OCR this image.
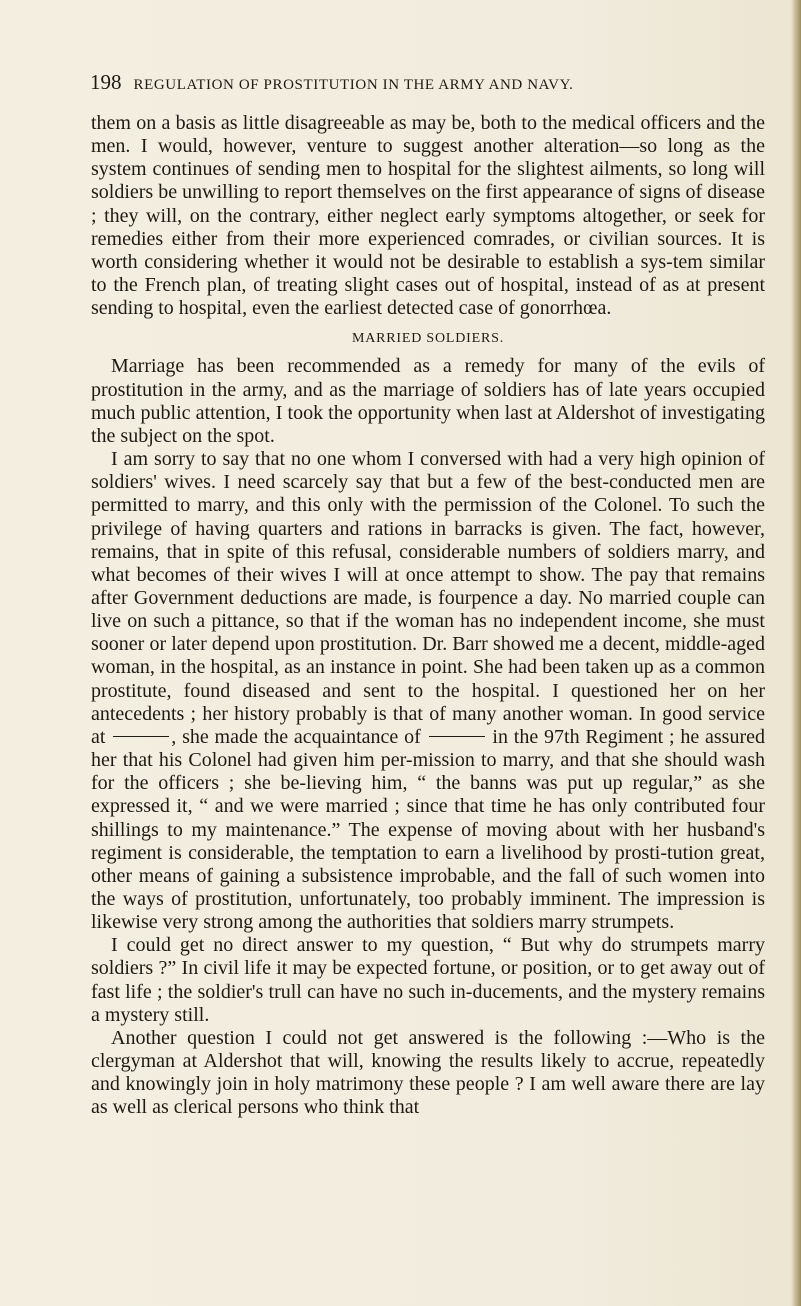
198 REGULATION OF PROSTITUTION IN THE ARMY AND NAVY.

them on a basis as little disagreeable as may be, both to the medical officers and the men. I would, however, venture to suggest another alteration—so long as the system continues of sending men to hospital for the slightest ailments, so long will soldiers be unwilling to report themselves on the first appearance of signs of disease ; they will, on the contrary, either neglect early symptoms altogether, or seek for remedies either from their more experienced comrades, or civilian sources. It is worth considering whether it would not be desirable to establish a sys-tem similar to the French plan, of treating slight cases out of hospital, instead of as at present sending to hospital, even the earliest detected case of gonorrhœa.

MARRIED SOLDIERS.

Marriage has been recommended as a remedy for many of the evils of prostitution in the army, and as the marriage of soldiers has of late years occupied much public attention, I took the opportunity when last at Aldershot of investigating the subject on the spot.

I am sorry to say that no one whom I conversed with had a very high opinion of soldiers' wives. I need scarcely say that but a few of the best-conducted men are permitted to marry, and this only with the permission of the Colonel. To such the privilege of having quarters and rations in barracks is given. The fact, however, remains, that in spite of this refusal, considerable numbers of soldiers marry, and what becomes of their wives I will at once attempt to show. The pay that remains after Government deductions are made, is fourpence a day. No married couple can live on such a pittance, so that if the woman has no independent income, she must sooner or later depend upon prostitution. Dr. Barr showed me a decent, middle-aged woman, in the hospital, as an instance in point. She had been taken up as a common prostitute, found diseased and sent to the hospital. I questioned her on her antecedents ; her history probably is that of many another woman. In good service at	, she made the acquaintance of	in the 97th Regiment ; he assured her that his Colonel had given him per-mission to marry, and that she should wash for the officers ; she be-lieving him, “ the banns was put up regular,” as she expressed it, “ and we were married ; since that time he has only contributed four shillings to my maintenance.” The expense of moving about with her husband's regiment is considerable, the temptation to earn a livelihood by prosti-tution great, other means of gaining a subsistence improbable, and the fall of such women into the ways of prostitution, unfortunately, too probably imminent. The impression is likewise very strong among the authorities that soldiers marry strumpets.

I could get no direct answer to my question, “ But why do strumpets marry soldiers ?” In civil life it may be expected fortune, or position, or to get away out of fast life ; the soldier's trull can have no such in-ducements, and the mystery remains a mystery still.

Another question I could not get answered is the following :—Who is the clergyman at Aldershot that will, knowing the results likely to accrue, repeatedly and knowingly join in holy matrimony these people ? I am well aware there are lay as well as clerical persons who think that
